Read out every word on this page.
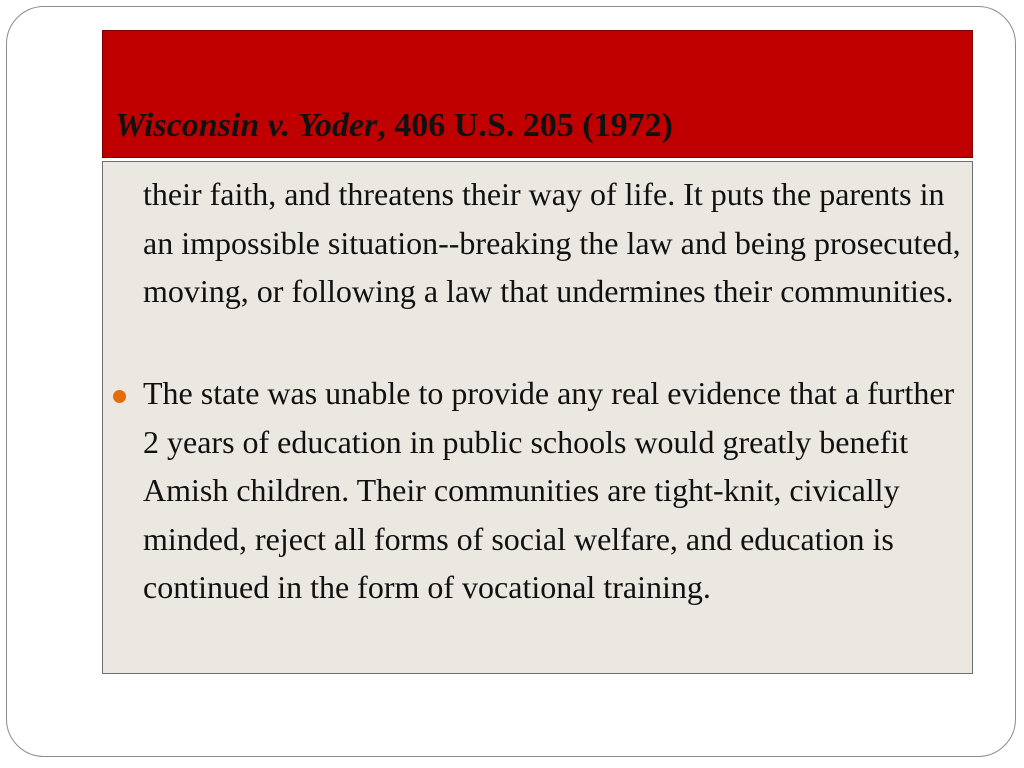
Wisconsin v. Yoder, 406 U.S. 205 (1972)

their faith, and threatens their way of life. It puts the parents in an impossible situation--breaking the law and being prosecuted, moving, or following a law that undermines their communities.

The state was unable to provide any real evidence that a further 2 years of education in public schools would greatly benefit Amish children. Their communities are tight-knit, civically minded, reject all forms of social welfare, and education is continued in the form of vocational training.
